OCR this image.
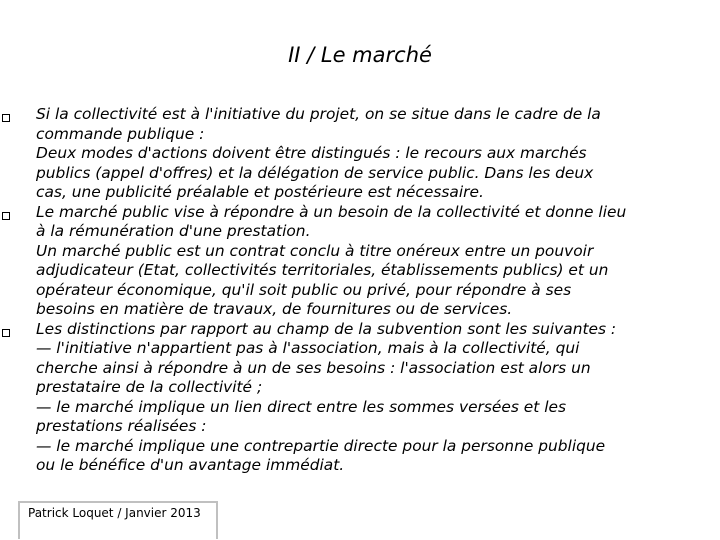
II / Le marché
Si la collectivité est à l'initiative du projet, on se situe dans le cadre de la
commande publique :
Deux modes d'actions doivent être distingués : le recours aux marchés
publics (appel d'offres) et la délégation de service public. Dans les deux
cas, une publicité préalable et postérieure est nécessaire.
Le marché public vise à répondre à un besoin de la collectivité et donne lieu
à la rémunération d'une prestation.
Un marché public est un contrat conclu à titre onéreux entre un pouvoir
adjudicateur (Etat, collectivités territoriales, établissements publics) et un
opérateur économique, qu'il soit public ou privé, pour répondre à ses
besoins en matière de travaux, de fournitures ou de services.
Les distinctions par rapport au champ de la subvention sont les suivantes :
— l'initiative n'appartient pas à l'association, mais à la collectivité, qui
cherche ainsi à répondre à un de ses besoins : l'association est alors un
prestataire de la collectivité ;
— le marché implique un lien direct entre les sommes versées et les
prestations réalisées :
— le marché implique une contrepartie directe pour la personne publique
ou le bénéfice d'un avantage immédiat.
Patrick Loquet / Janvier 2013
